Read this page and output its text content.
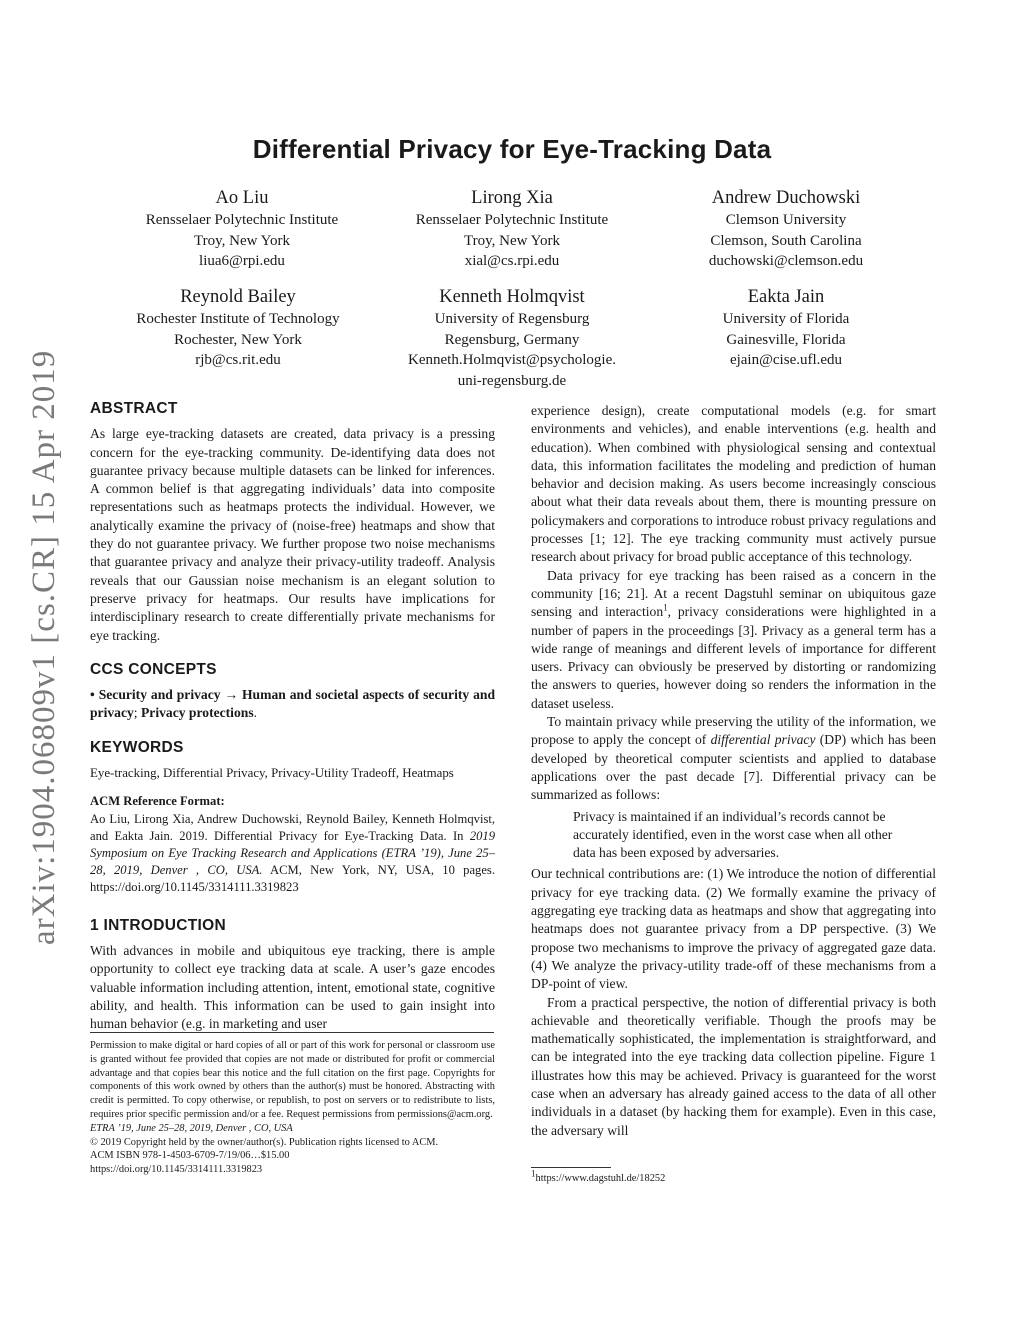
Differential Privacy for Eye-Tracking Data
arXiv:1904.06809v1 [cs.CR] 15 Apr 2019
Ao Liu
Rensselaer Polytechnic Institute
Troy, New York
liua6@rpi.edu
Lirong Xia
Rensselaer Polytechnic Institute
Troy, New York
xial@cs.rpi.edu
Andrew Duchowski
Clemson University
Clemson, South Carolina
duchowski@clemson.edu
Reynold Bailey
Rochester Institute of Technology
Rochester, New York
rjb@cs.rit.edu
Kenneth Holmqvist
University of Regensburg
Regensburg, Germany
Kenneth.Holmqvist@psychologie.
uni-regensburg.de
Eakta Jain
University of Florida
Gainesville, Florida
ejain@cise.ufl.edu
ABSTRACT

As large eye-tracking datasets are created, data privacy is a pressing concern for the eye-tracking community. De-identifying data does not guarantee privacy because multiple datasets can be linked for inferences. A common belief is that aggregating individuals’ data into composite representations such as heatmaps protects the individual. However, we analytically examine the privacy of (noise-free) heatmaps and show that they do not guarantee privacy. We further propose two noise mechanisms that guarantee privacy and analyze their privacy-utility tradeoff. Analysis reveals that our Gaussian noise mechanism is an elegant solution to preserve privacy for heatmaps. Our results have implications for interdisciplinary research to create differentially private mechanisms for eye tracking.

CCS CONCEPTS

• Security and privacy → Human and societal aspects of security and privacy; Privacy protections.

KEYWORDS

Eye-tracking, Differential Privacy, Privacy-Utility Tradeoff, Heatmaps

ACM Reference Format:

Ao Liu, Lirong Xia, Andrew Duchowski, Reynold Bailey, Kenneth Holmqvist, and Eakta Jain. 2019. Differential Privacy for Eye-Tracking Data. In 2019 Symposium on Eye Tracking Research and Applications (ETRA ’19), June 25–28, 2019, Denver , CO, USA. ACM, New York, NY, USA, 10 pages. https://doi.org/10.1145/3314111.3319823

1 INTRODUCTION

With advances in mobile and ubiquitous eye tracking, there is ample opportunity to collect eye tracking data at scale. A user’s gaze encodes valuable information including attention, intent, emotional state, cognitive ability, and health. This information can be used to gain insight into human behavior (e.g. in marketing and user

Permission to make digital or hard copies of all or part of this work for personal or classroom use is granted without fee provided that copies are not made or distributed for profit or commercial advantage and that copies bear this notice and the full citation on the first page. Copyrights for components of this work owned by others than the author(s) must be honored. Abstracting with credit is permitted. To copy otherwise, or republish, to post on servers or to redistribute to lists, requires prior specific permission and/or a fee. Request permissions from permissions@acm.org.
ETRA ’19, June 25–28, 2019, Denver , CO, USA
© 2019 Copyright held by the owner/author(s). Publication rights licensed to ACM.
ACM ISBN 978-1-4503-6709-7/19/06…$15.00
https://doi.org/10.1145/3314111.3319823

experience design), create computational models (e.g. for smart environments and vehicles), and enable interventions (e.g. health and education). When combined with physiological sensing and contextual data, this information facilitates the modeling and prediction of human behavior and decision making. As users become increasingly conscious about what their data reveals about them, there is mounting pressure on policymakers and corporations to introduce robust privacy regulations and processes [1; 12]. The eye tracking community must actively pursue research about privacy for broad public acceptance of this technology.

Data privacy for eye tracking has been raised as a concern in the community [16; 21]. At a recent Dagstuhl seminar on ubiquitous gaze sensing and interaction$^1$, privacy considerations were highlighted in a number of papers in the proceedings [3]. Privacy as a general term has a wide range of meanings and different levels of importance for different users. Privacy can obviously be preserved by distorting or randomizing the answers to queries, however doing so renders the information in the dataset useless.

To maintain privacy while preserving the utility of the information, we propose to apply the concept of differential privacy (DP) which has been developed by theoretical computer scientists and applied to database applications over the past decade [7]. Differential privacy can be summarized as follows:

Privacy is maintained if an individual’s records cannot be accurately identified, even in the worst case when all other data has been exposed by adversaries.

Our technical contributions are: (1) We introduce the notion of differential privacy for eye tracking data. (2) We formally examine the privacy of aggregating eye tracking data as heatmaps and show that aggregating into heatmaps does not guarantee privacy from a DP perspective. (3) We propose two mechanisms to improve the privacy of aggregated gaze data. (4) We analyze the privacy-utility trade-off of these mechanisms from a DP-point of view.

From a practical perspective, the notion of differential privacy is both achievable and theoretically verifiable. Though the proofs may be mathematically sophisticated, the implementation is straightforward, and can be integrated into the eye tracking data collection pipeline. Figure 1 illustrates how this may be achieved. Privacy is guaranteed for the worst case when an adversary has already gained access to the data of all other individuals in a dataset (by hacking them for example). Even in this case, the adversary will

$^1$https://www.dagstuhl.de/18252
